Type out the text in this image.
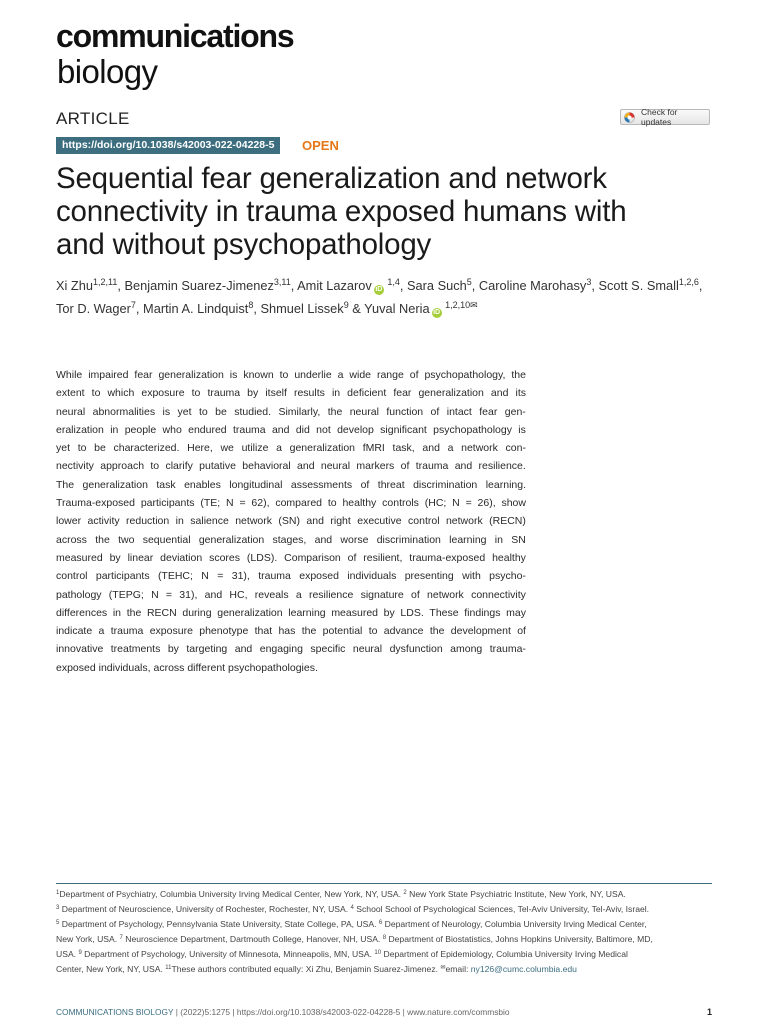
communications
biology
ARTICLE	Check for updates
https://doi.org/10.1038/s42003-022-04228-5	OPEN
Sequential fear generalization and network
connectivity in trauma exposed humans with
and without psychopathology
Xi Zhu$^{1,2,11}$, Benjamin Suarez-Jimenez$^{3,11}$, Amit Lazarov iD $^{1,4}$, Sara Such$^5$, Caroline Marohasy$^3$, Scott S. Small$^{1,2,6}$,
Tor D. Wager$^7$, Martin A. Lindquist$^8$, Shmuel Lissek$^9$ & Yuval Neria iD $^{1,2,10✉}$
While impaired fear generalization is known to underlie a wide range of psychopathology, the
extent to which exposure to trauma by itself results in deficient fear generalization and its
neural abnormalities is yet to be studied. Similarly, the neural function of intact fear gen-
eralization in people who endured trauma and did not develop significant psychopathology is
yet to be characterized. Here, we utilize a generalization fMRI task, and a network con-
nectivity approach to clarify putative behavioral and neural markers of trauma and resilience.
The generalization task enables longitudinal assessments of threat discrimination learning.
Trauma-exposed participants (TE; N = 62), compared to healthy controls (HC; N = 26), show
lower activity reduction in salience network (SN) and right executive control network (RECN)
across the two sequential generalization stages, and worse discrimination learning in SN
measured by linear deviation scores (LDS). Comparison of resilient, trauma-exposed healthy
control participants (TEHC; N = 31), trauma exposed individuals presenting with psycho-
pathology (TEPG; N = 31), and HC, reveals a resilience signature of network connectivity
differences in the RECN during generalization learning measured by LDS. These findings may
indicate a trauma exposure phenotype that has the potential to advance the development of
innovative treatments by targeting and engaging specific neural dysfunction among trauma-
exposed individuals, across different psychopathologies.
$^1$Department of Psychiatry, Columbia University Irving Medical Center, New York, NY, USA. $^2$ New York State Psychiatric Institute, New York, NY, USA.
$^3$ Department of Neuroscience, University of Rochester, Rochester, NY, USA. $^4$ School School of Psychological Sciences, Tel-Aviv University, Tel-Aviv, Israel.
$^5$ Department of Psychology, Pennsylvania State University, State College, PA, USA. $^6$ Department of Neurology, Columbia University Irving Medical Center,
New York, USA. $^7$ Neuroscience Department, Dartmouth College, Hanover, NH, USA. $^8$ Department of Biostatistics, Johns Hopkins University, Baltimore, MD,
USA. $^9$ Department of Psychology, University of Minnesota, Minneapolis, MN, USA. $^{10}$ Department of Epidemiology, Columbia University Irving Medical
Center, New York, NY, USA. $^{11}$These authors contributed equally: Xi Zhu, Benjamin Suarez-Jimenez. ✉email: ny126@cumc.columbia.edu
COMMUNICATIONS BIOLOGY | (2022)5:1275 | https://doi.org/10.1038/s42003-022-04228-5 | www.nature.com/commsbio	1
